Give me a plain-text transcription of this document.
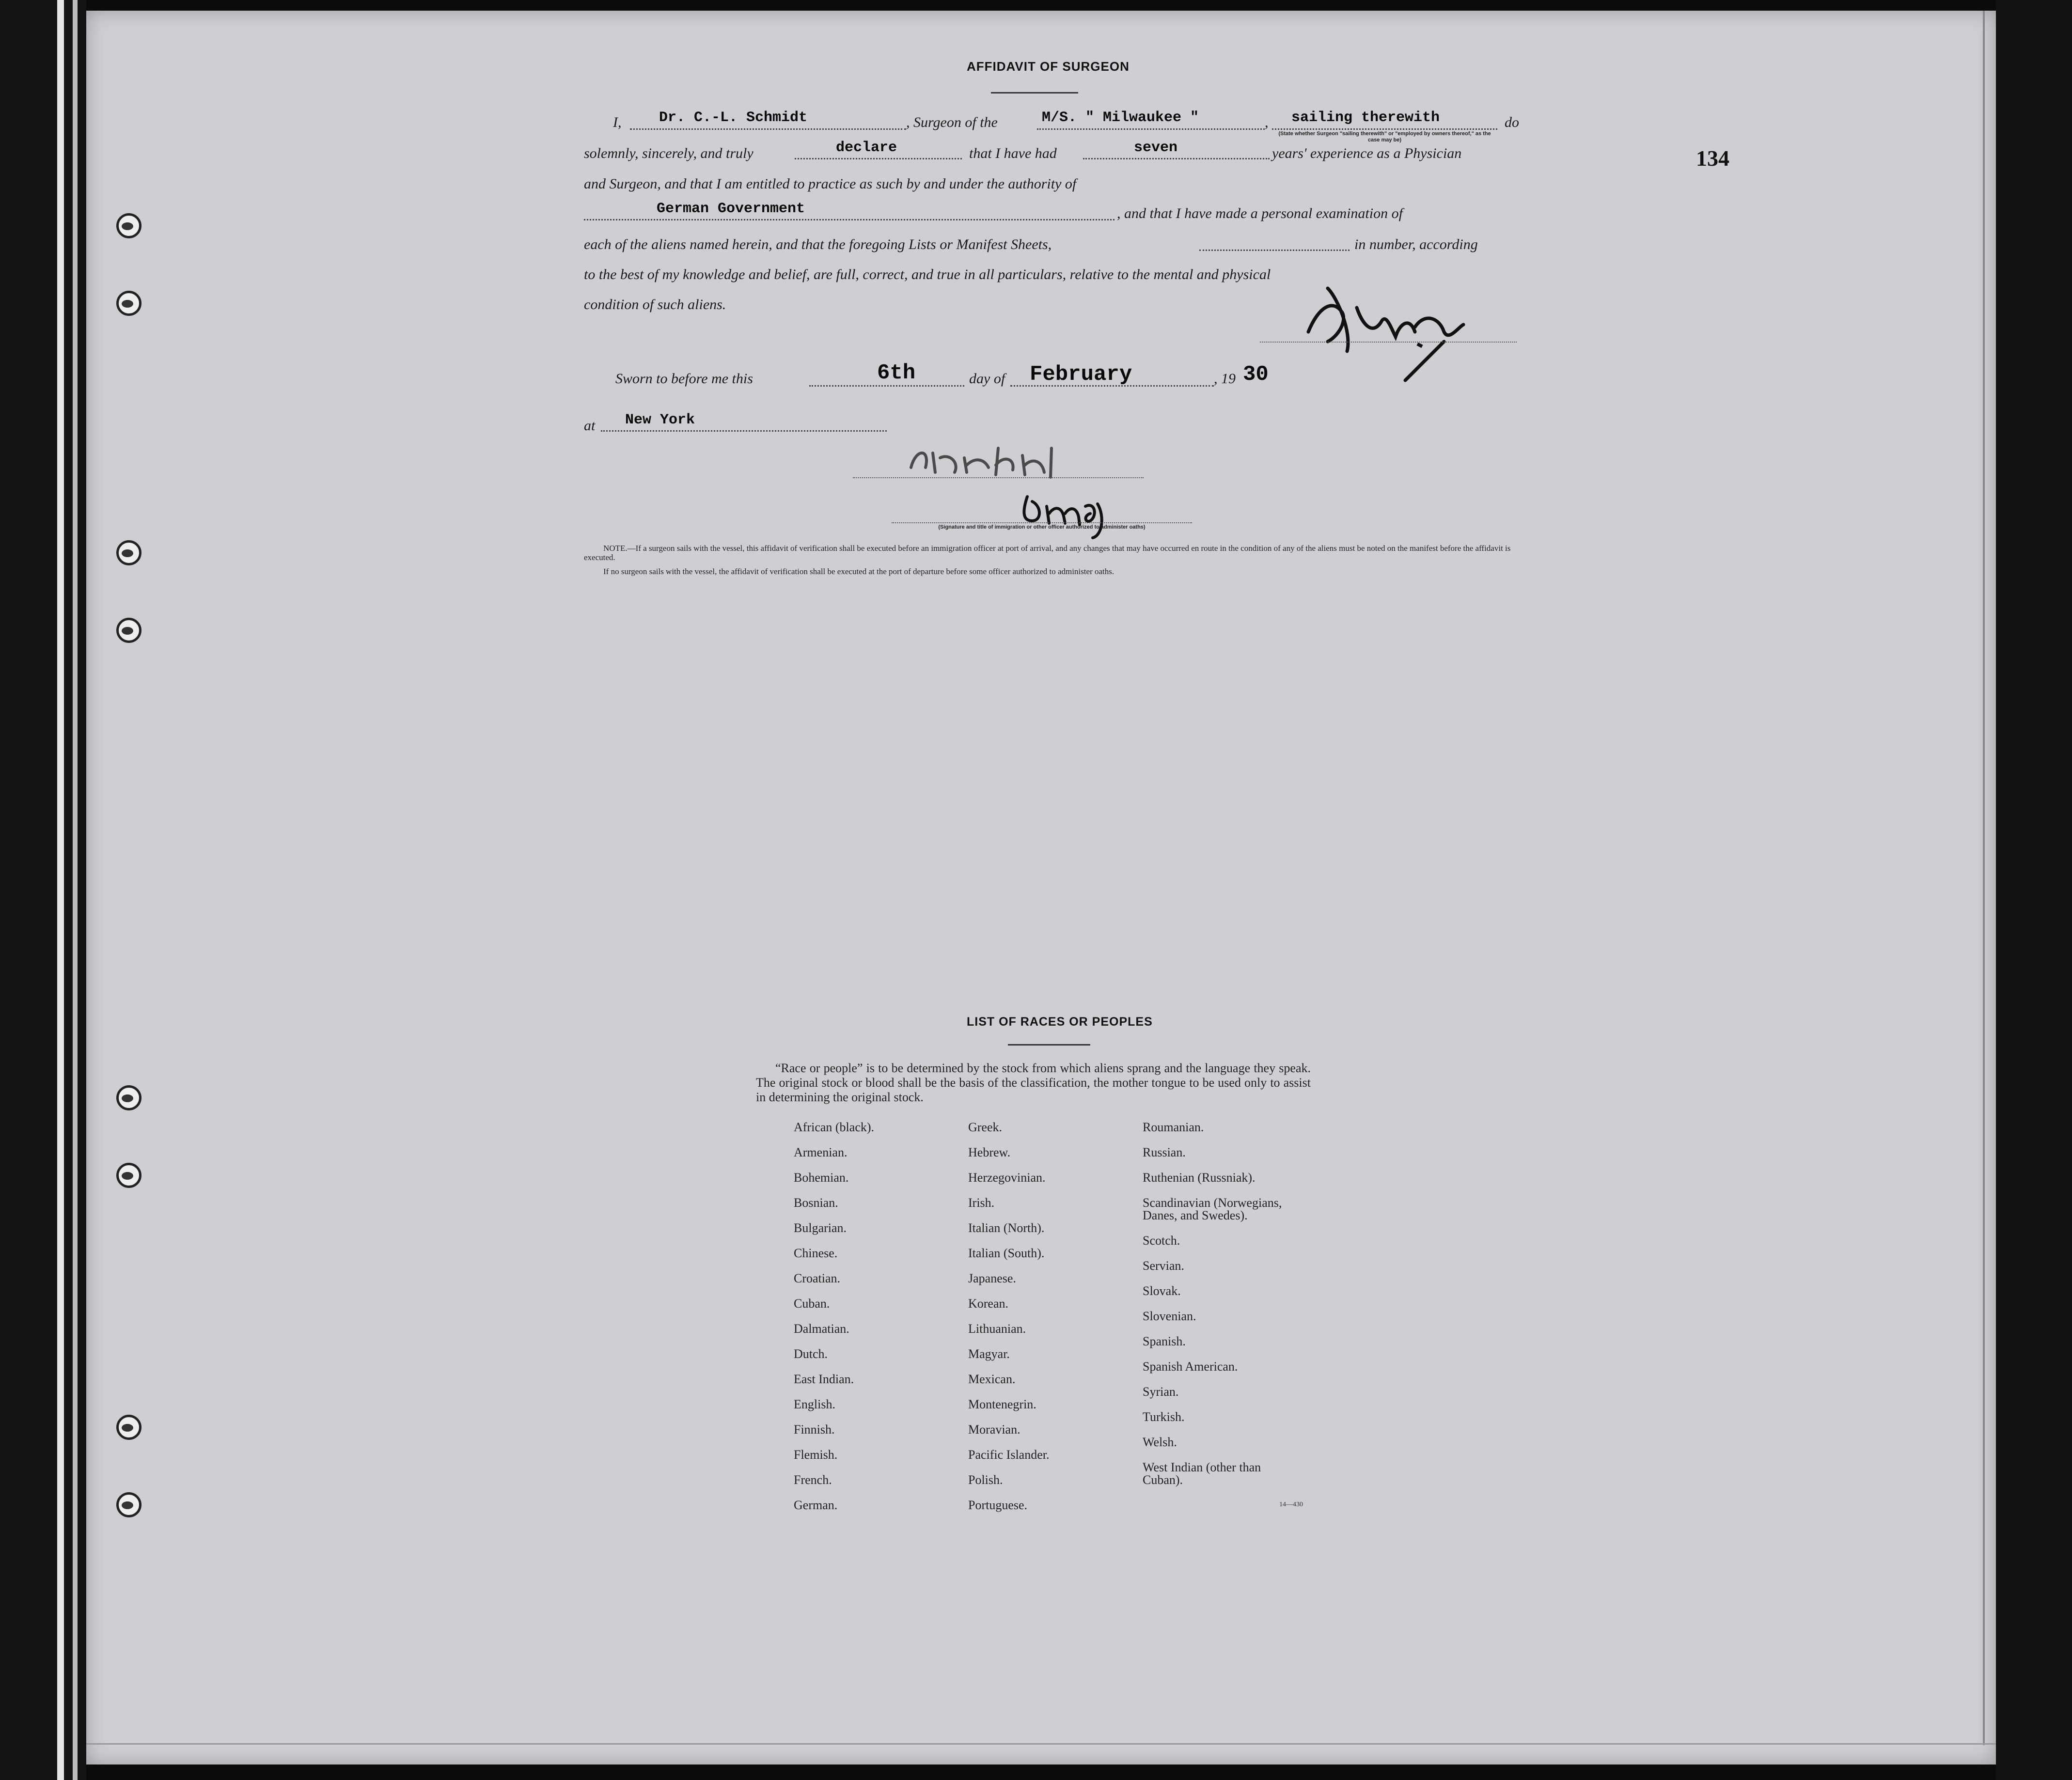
134
AFFIDAVIT OF SURGEON
I,	Dr. C.-L. Schmidt	, Surgeon of the	M/S. " Milwaukee "	, sailing therewith	do
(State whether Surgeon "sailing therewith" or "employed by owners thereof," as the case may be)
solemnly, sincerely, and truly	declare	that I have had	seven	years' experience as a Physician
and Surgeon, and that I am entitled to practice as such by and under the authority of
German Government	, and that I have made a personal examination of
each of the aliens named herein, and that the foregoing Lists or Manifest Sheets,	in number, according
to the best of my knowledge and belief, are full, correct, and true in all particulars, relative to the mental and physical
condition of such aliens.
Sworn to before me this	6th	day of February	, 19 30
at New York
(Signature and title of immigration or other officer authorized to administer oaths)
NOTE.—If a surgeon sails with the vessel, this affidavit of verification shall be executed before an immigration officer at port of arrival, and any changes that may have occurred en route in the condition of any of the aliens must be noted on the manifest before the affidavit is executed.
If no surgeon sails with the vessel, the affidavit of verification shall be executed at the port of departure before some officer authorized to administer oaths.
LIST OF RACES OR PEOPLES
“Race or people” is to be determined by the stock from which aliens sprang and the language they speak. The original stock or blood shall be the basis of the classification, the mother tongue to be used only to assist in determining the original stock.
African (black).
Armenian.
Bohemian.
Bosnian.
Bulgarian.
Chinese.
Croatian.
Cuban.
Dalmatian.
Dutch.
East Indian.
English.
Finnish.
Flemish.
French.
German.
Greek.
Hebrew.
Herzegovinian.
Irish.
Italian (North).
Italian (South).
Japanese.
Korean.
Lithuanian.
Magyar.
Mexican.
Montenegrin.
Moravian.
Pacific Islander.
Polish.
Portuguese.
Roumanian.
Russian.
Ruthenian (Russniak).
Scandinavian (Norwegians, Danes, and Swedes).
Scotch.
Servian.
Slovak.
Slovenian.
Spanish.
Spanish American.
Syrian.
Turkish.
Welsh.
West Indian (other than Cuban).
14—430
